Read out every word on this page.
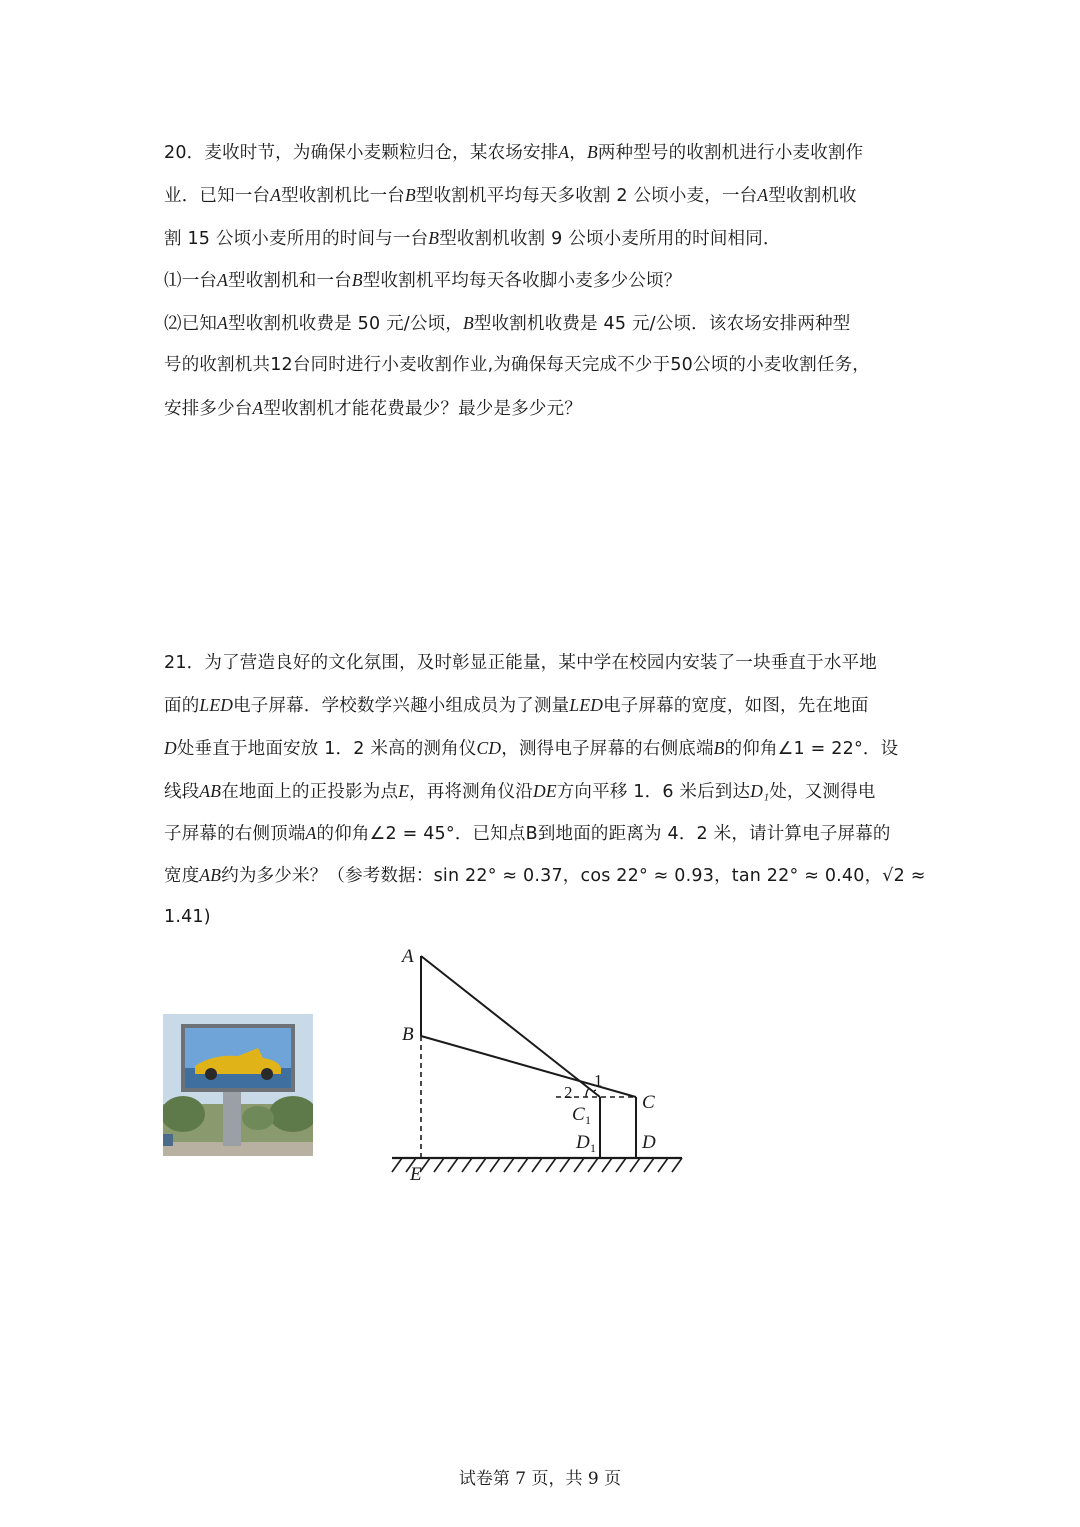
20．麦收时节，为确保小麦颗粒归仓，某农场安排A，B两种型号的收割机进行小麦收割作
业．已知一台A型收割机比一台B型收割机平均每天多收割 2 公顷小麦，一台A型收割机收
割 15 公顷小麦所用的时间与一台B型收割机收割 9 公顷小麦所用的时间相同．
⑴一台A型收割机和一台B型收割机平均每天各收脚小麦多少公顷？
⑵已知A型收割机收费是 50 元/公顷，B型收割机收费是 45 元/公顷．该农场安排两种型
号的收割机共12台同时进行小麦收割作业,为确保每天完成不少于50公顷的小麦收割任务，
安排多少台A型收割机才能花费最少？最少是多少元？
21．为了营造良好的文化氛围，及时彰显正能量，某中学在校园内安装了一块垂直于水平地
面的LED电子屏幕．学校数学兴趣小组成员为了测量LED电子屏幕的宽度，如图，先在地面
D处垂直于地面安放 1．2 米高的测角仪CD，测得电子屏幕的右侧底端B的仰角∠1 = 22°．设
线段AB在地面上的正投影为点E，再将测角仪沿DE方向平移 1．6 米后到达D₁处，又测得电
子屏幕的右侧顶端A的仰角∠2 = 45°．已知点B到地面的距离为 4．2 米，请计算电子屏幕的
宽度AB约为多少米？（参考数据：sin 22° ≈ 0.37，cos 22° ≈ 0.93，tan 22° ≈ 0.40，√2 ≈
1.41)
A
B
C
C 1
D
D 1
E
1
2
试卷第 7 页，共 9 页
